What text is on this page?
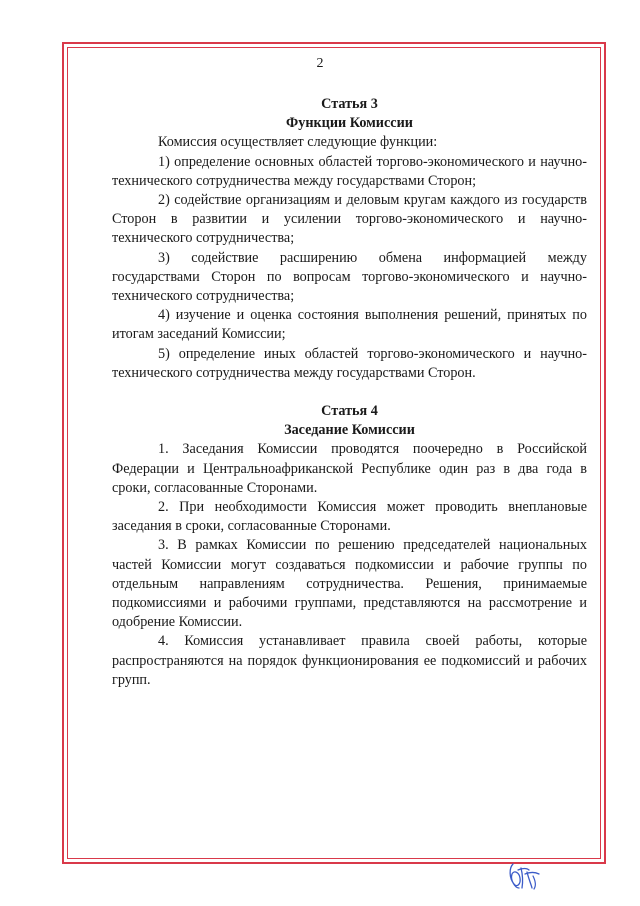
2

Статья 3

Функции Комиссии

Комиссия осуществляет следующие функции:

1) определение основных областей торгово-экономического и научно-технического сотрудничества между государствами Сторон;

2) содействие организациям и деловым кругам каждого из государств Сторон в развитии и усилении торгово-экономического и научно-технического сотрудничества;

3) содействие расширению обмена информацией между государствами Сторон по вопросам торгово-экономического и научно-технического сотрудничества;

4) изучение и оценка состояния выполнения решений, принятых по итогам заседаний Комиссии;

5) определение иных областей торгово-экономического и научно-технического сотрудничества между государствами Сторон.

Статья 4

Заседание Комиссии

1. Заседания Комиссии проводятся поочередно в Российской Федерации и Центральноафриканской Республике один раз в два года в сроки, согласованные Сторонами.

2. При необходимости Комиссия может проводить внеплановые заседания в сроки, согласованные Сторонами.

3. В рамках Комиссии по решению председателей национальных частей Комиссии могут создаваться подкомиссии и рабочие группы по отдельным направлениям сотрудничества. Решения, принимаемые подкомиссиями и рабочими группами, представляются на рассмотрение и одобрение Комиссии.

4. Комиссия устанавливает правила своей работы, которые распространяются на порядок функционирования ее подкомиссий и рабочих групп.
